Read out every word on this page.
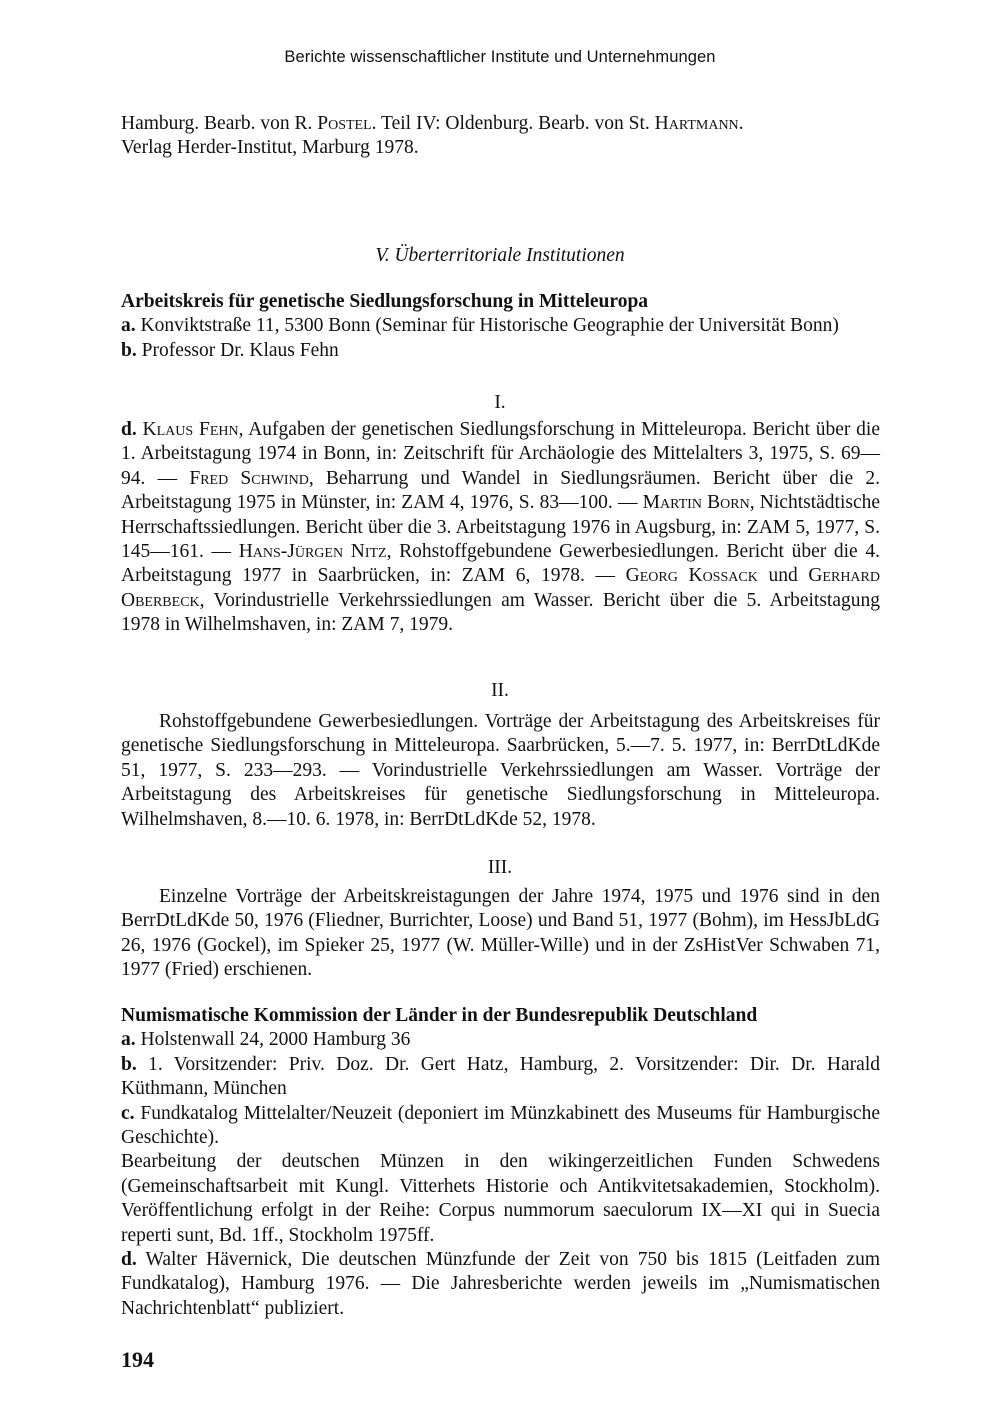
Berichte wissenschaftlicher Institute und Unternehmungen

Hamburg. Bearb. von R. Postel. Teil IV: Oldenburg. Bearb. von St. Hartmann.

Verlag Herder-Institut, Marburg 1978.

V. Überterritoriale Institutionen

Arbeitskreis für genetische Siedlungsforschung in Mitteleuropa

a. Konviktstraße 11, 5300 Bonn (Seminar für Historische Geographie der Universität Bonn)

b. Professor Dr. Klaus Fehn

I.

d. Klaus Fehn, Aufgaben der genetischen Siedlungsforschung in Mitteleuropa. Bericht über die 1. Arbeitstagung 1974 in Bonn, in: Zeitschrift für Archäologie des Mittelalters 3, 1975, S. 69—94. — Fred Schwind, Beharrung und Wandel in Siedlungsräumen. Bericht über die 2. Arbeitstagung 1975 in Münster, in: ZAM 4, 1976, S. 83—100. — Martin Born, Nichtstädtische Herrschaftssiedlungen. Bericht über die 3. Arbeitstagung 1976 in Augsburg, in: ZAM 5, 1977, S. 145—161. — Hans-Jürgen Nitz, Rohstoffgebundene Gewerbesiedlungen. Bericht über die 4. Arbeitstagung 1977 in Saarbrücken, in: ZAM 6, 1978. — Georg Kossack und Gerhard Oberbeck, Vorindustrielle Verkehrssiedlungen am Wasser. Bericht über die 5. Arbeitstagung 1978 in Wilhelmshaven, in: ZAM 7, 1979.

II.

Rohstoffgebundene Gewerbesiedlungen. Vorträge der Arbeitstagung des Arbeitskreises für genetische Siedlungsforschung in Mitteleuropa. Saarbrücken, 5.—7. 5. 1977, in: BerrDtLdKde 51, 1977, S. 233—293. — Vorindustrielle Verkehrssiedlungen am Wasser. Vorträge der Arbeitstagung des Arbeitskreises für genetische Siedlungsforschung in Mitteleuropa. Wilhelmshaven, 8.—10. 6. 1978, in: BerrDtLdKde 52, 1978.

III.

Einzelne Vorträge der Arbeitskreistagungen der Jahre 1974, 1975 und 1976 sind in den BerrDtLdKde 50, 1976 (Fliedner, Burrichter, Loose) und Band 51, 1977 (Bohm), im HessJbLdG 26, 1976 (Gockel), im Spieker 25, 1977 (W. Müller-Wille) und in der ZsHistVer Schwaben 71, 1977 (Fried) erschienen.

Numismatische Kommission der Länder in der Bundesrepublik Deutschland

a. Holstenwall 24, 2000 Hamburg 36

b. 1. Vorsitzender: Priv. Doz. Dr. Gert Hatz, Hamburg, 2. Vorsitzender: Dir. Dr. Harald Küthmann, München

c. Fundkatalog Mittelalter/Neuzeit (deponiert im Münzkabinett des Museums für Hamburgische Geschichte).

Bearbeitung der deutschen Münzen in den wikingerzeitlichen Funden Schwedens (Gemeinschaftsarbeit mit Kungl. Vitterhets Historie och Antikvitetsakademien, Stockholm). Veröffentlichung erfolgt in der Reihe: Corpus nummorum saeculorum IX—XI qui in Suecia reperti sunt, Bd. 1ff., Stockholm 1975ff.

d. Walter Hävernick, Die deutschen Münzfunde der Zeit von 750 bis 1815 (Leitfaden zum Fundkatalog), Hamburg 1976. — Die Jahresberichte werden jeweils im „Numismatischen Nachrichtenblatt“ publiziert.

194
